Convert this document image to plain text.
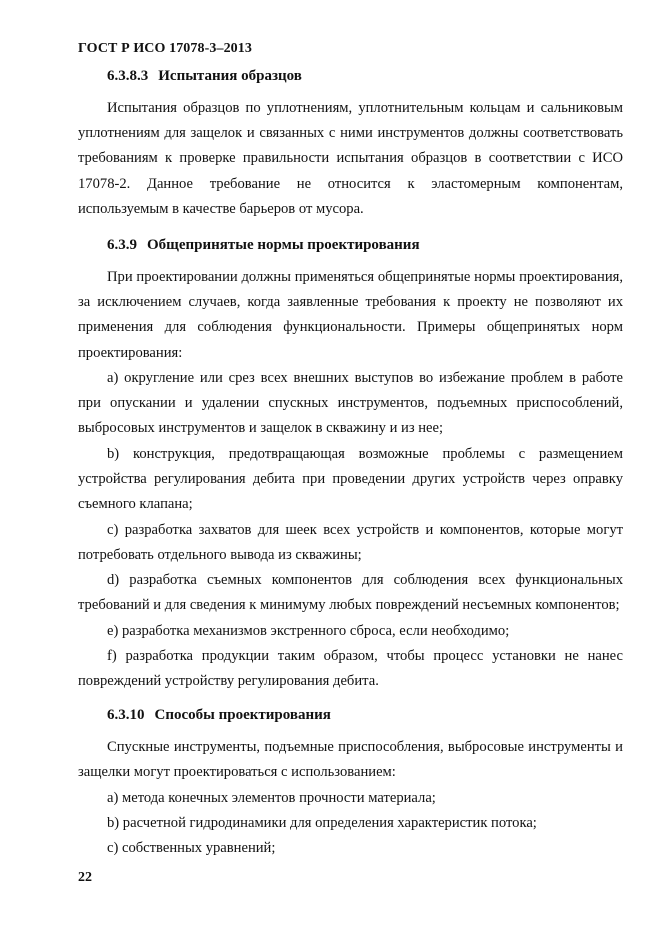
ГОСТ Р ИСО 17078-3–2013
6.3.8.3 Испытания образцов
Испытания образцов по уплотнениям, уплотнительным кольцам и сальниковым уплотнениям для защелок и связанных с ними инструментов должны соответствовать требованиям к проверке правильности испытания образцов в соответствии с ИСО 17078-2. Данное требование не относится к эластомерным компонентам, используемым в качестве барьеров от мусора.
6.3.9 Общепринятые нормы проектирования
При проектировании должны применяться общепринятые нормы проектирования, за исключением случаев, когда заявленные требования к проекту не позволяют их применения для соблюдения функциональности. Примеры общепринятых норм проектирования:
a) округление или срез всех внешних выступов во избежание проблем в работе при опускании и удалении спускных инструментов, подъемных приспособлений, выбросовых инструментов и защелок в скважину и из нее;
b) конструкция, предотвращающая возможные проблемы с размещением устройства регулирования дебита при проведении других устройств через оправку съемного клапана;
c) разработка захватов для шеек всех устройств и компонентов, которые могут потребовать отдельного вывода из скважины;
d) разработка съемных компонентов для соблюдения всех функциональных требований и для сведения к минимуму любых повреждений несъемных компонентов;
e) разработка механизмов экстренного сброса, если необходимо;
f) разработка продукции таким образом, чтобы процесс установки не нанес повреждений устройству регулирования дебита.
6.3.10 Способы проектирования
Спускные инструменты, подъемные приспособления, выбросовые инструменты и защелки могут проектироваться с использованием:
a) метода конечных элементов прочности материала;
b) расчетной гидродинамики для определения характеристик потока;
c) собственных уравнений;
22
